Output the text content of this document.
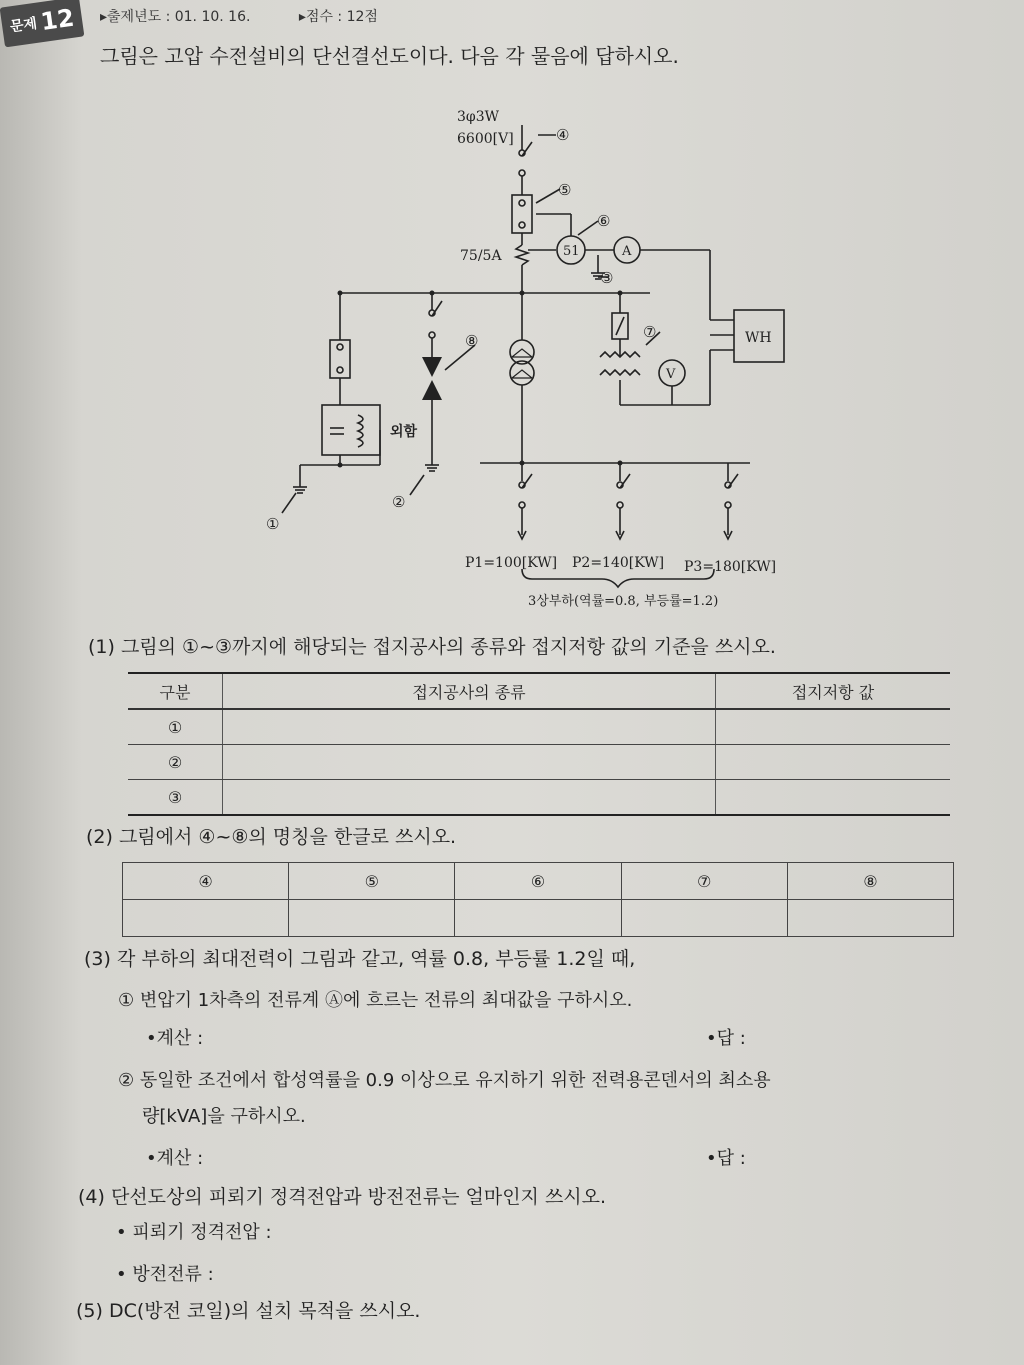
문제 12 ▸출제년도 : 01. 10. 16.	▸점수 : 12점
그림은 고압 수전설비의 단선결선도이다. 다음 각 물음에 답하시오.
3φ3W
6600[V]
75/5A	51	A
V
WH
외함
①
②
③
④
⑤
⑥
⑦
⑧
P1=100[KW] P2=140[KW] P3=180[KW]
3상부하(역률=0.8, 부등률=1.2)
(1) 그림의 ①~③까지에 해당되는 접지공사의 종류와 접지저항 값의 기준을 쓰시오.
구분	접지공사의 종류	접지저항 값
①		
②		
③		
(2) 그림에서 ④~⑧의 명칭을 한글로 쓰시오.
④	⑤	⑥	⑦	⑧

(3) 각 부하의 최대전력이 그림과 같고, 역률 0.8, 부등률 1.2일 때,
① 변압기 1차측의 전류계 Ⓐ에 흐르는 전류의 최대값을 구하시오.
•계산 :	•답 :
② 동일한 조건에서 합성역률을 0.9 이상으로 유지하기 위한 전력용콘덴서의 최소용
량[kVA]을 구하시오.
•계산 :	•답 :
(4) 단선도상의 피뢰기 정격전압과 방전전류는 얼마인지 쓰시오.
• 피뢰기 정격전압 :
• 방전전류 :
(5) DC(방전 코일)의 설치 목적을 쓰시오.
